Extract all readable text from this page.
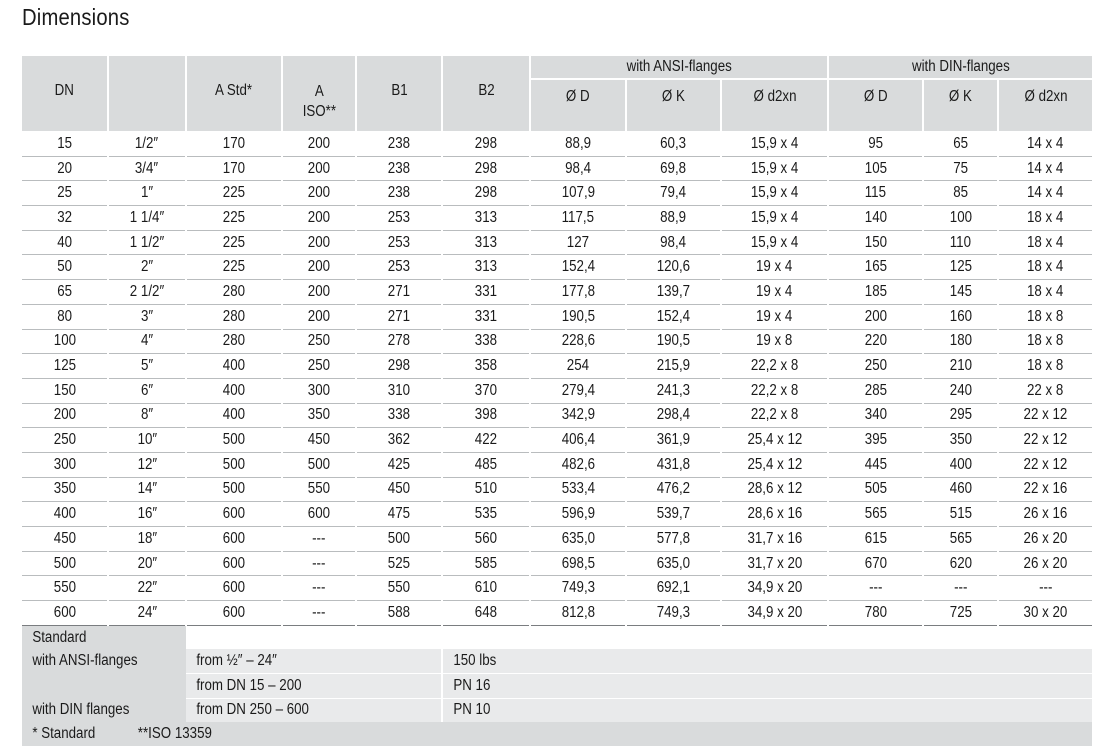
Dimensions
DN		A Std*	A
ISO**	B1	B2	with ANSI-flanges			with DIN-flanges		
						Ø D	Ø K	Ø d2xn	Ø D	Ø K	Ø d2xn
15	1/2″	170	200	238	298	88,9	60,3	15,9 x 4	95	65	14 x 4
20	3/4″	170	200	238	298	98,4	69,8	15,9 x 4	105	75	14 x 4
25	1″	225	200	238	298	107,9	79,4	15,9 x 4	115	85	14 x 4
32	1 1/4″	225	200	253	313	117,5	88,9	15,9 x 4	140	100	18 x 4
40	1 1/2″	225	200	253	313	127	98,4	15,9 x 4	150	110	18 x 4
50	2″	225	200	253	313	152,4	120,6	19 x 4	165	125	18 x 4
65	2 1/2″	280	200	271	331	177,8	139,7	19 x 4	185	145	18 x 4
80	3″	280	200	271	331	190,5	152,4	19 x 4	200	160	18 x 8
100	4″	280	250	278	338	228,6	190,5	19 x 8	220	180	18 x 8
125	5″	400	250	298	358	254	215,9	22,2 x 8	250	210	18 x 8
150	6″	400	300	310	370	279,4	241,3	22,2 x 8	285	240	22 x 8
200	8″	400	350	338	398	342,9	298,4	22,2 x 8	340	295	22 x 12
250	10″	500	450	362	422	406,4	361,9	25,4 x 12	395	350	22 x 12
300	12″	500	500	425	485	482,6	431,8	25,4 x 12	445	400	22 x 12
350	14″	500	550	450	510	533,4	476,2	28,6 x 12	505	460	22 x 16
400	16″	600	600	475	535	596,9	539,7	28,6 x 16	565	515	26 x 16
450	18″	600	---	500	560	635,0	577,8	31,7 x 16	615	565	26 x 20
500	20″	600	---	525	585	698,5	635,0	31,7 x 20	670	620	26 x 20
550	22″	600	---	550	610	749,3	692,1	34,9 x 20	---	---	---
600	24″	600	---	588	648	812,8	749,3	34,9 x 20	780	725	30 x 20
Standard											
with ANSI-flanges		from ½″ – 24″			150 lbs						
		from DN 15 – 200			PN 16						
with DIN flanges		from DN 250 – 600			PN 10						
* Standard **ISO 13359											
